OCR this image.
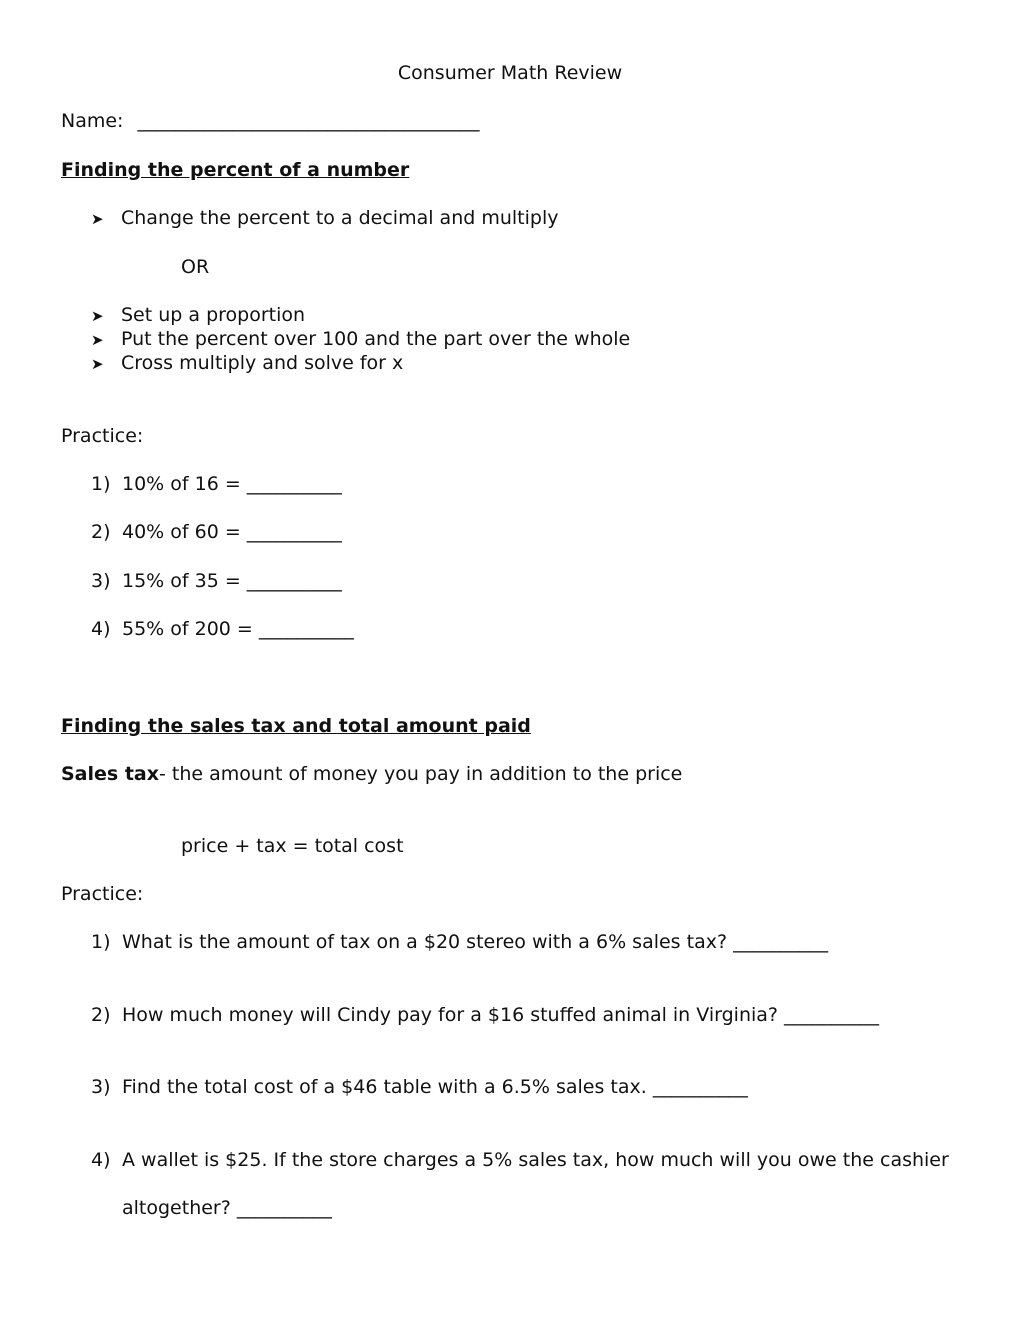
Consumer Math Review
Name: ____________________________________
Finding the percent of a number
➤ Change the percent to a decimal and multiply
OR
➤ Set up a proportion
➤ Put the percent over 100 and the part over the whole
➤ Cross multiply and solve for x
Practice:
1) 10% of 16 = __________
2) 40% of 60 = __________
3) 15% of 35 = __________
4) 55% of 200 = __________
Finding the sales tax and total amount paid
Sales tax- the amount of money you pay in addition to the price
price + tax = total cost
Practice:
1) What is the amount of tax on a $20 stereo with a 6% sales tax? __________
2) How much money will Cindy pay for a $16 stuffed animal in Virginia? __________
3) Find the total cost of a $46 table with a 6.5% sales tax. __________
4) A wallet is $25. If the store charges a 5% sales tax, how much will you owe the cashier
altogether? __________
